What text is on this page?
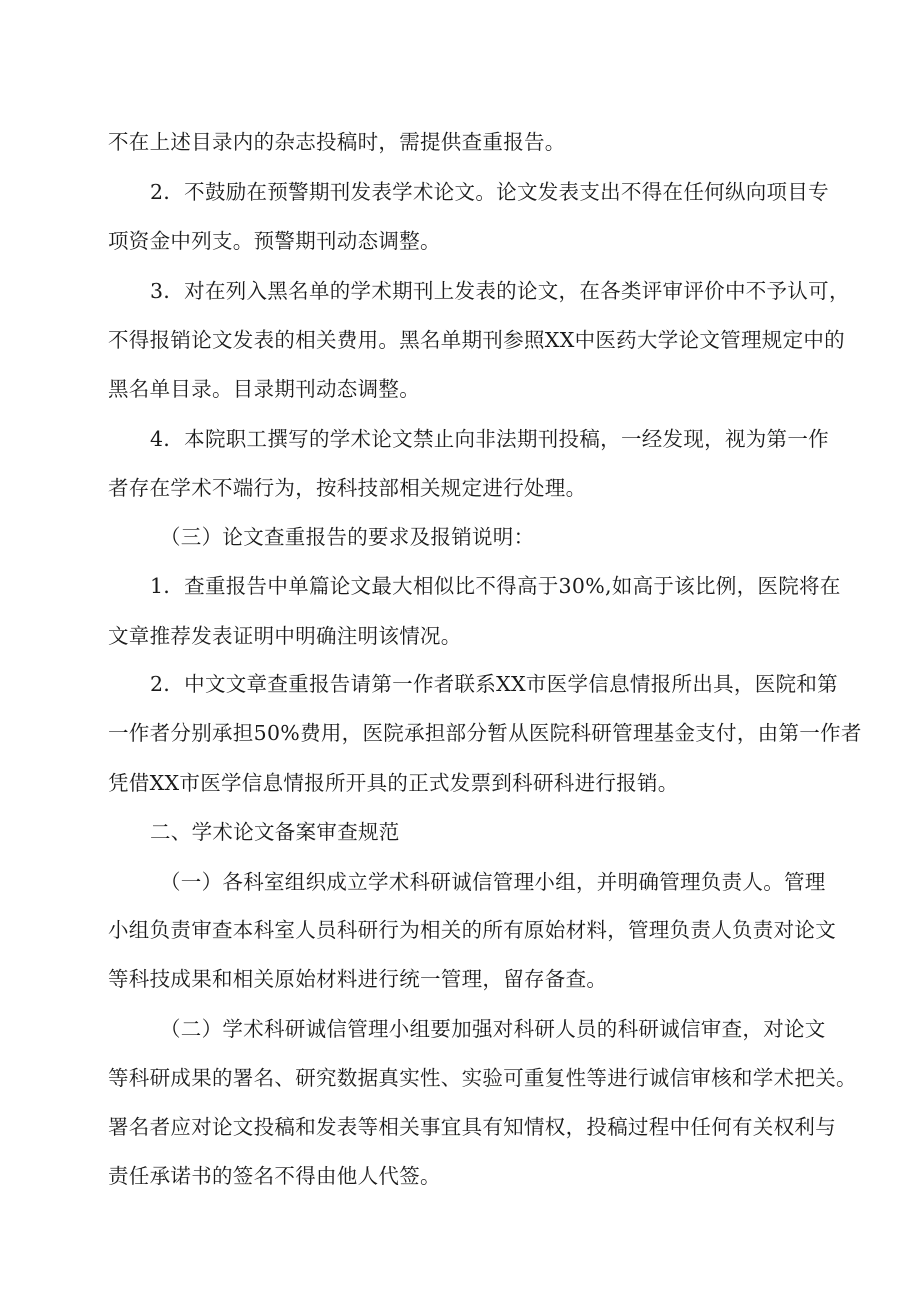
不在上述目录内的杂志投稿时，需提供查重报告。
2．不鼓励在预警期刊发表学术论文。论文发表支出不得在任何纵向项目专
项资金中列支。预警期刊动态调整。
3．对在列入黑名单的学术期刊上发表的论文，在各类评审评价中不予认可，
不得报销论文发表的相关费用。黑名单期刊参照XX中医药大学论文管理规定中的
黑名单目录。目录期刊动态调整。
4．本院职工撰写的学术论文禁止向非法期刊投稿，一经发现，视为第一作
者存在学术不端行为，按科技部相关规定进行处理。
（三）论文查重报告的要求及报销说明：
1．查重报告中单篇论文最大相似比不得高于30%,如高于该比例，医院将在
文章推荐发表证明中明确注明该情况。
2．中文文章查重报告请第一作者联系XX市医学信息情报所出具，医院和第
一作者分别承担50%费用，医院承担部分暂从医院科研管理基金支付，由第一作者
凭借XX市医学信息情报所开具的正式发票到科研科进行报销。
二、学术论文备案审查规范
（一）各科室组织成立学术科研诚信管理小组，并明确管理负责人。管理
小组负责审查本科室人员科研行为相关的所有原始材料，管理负责人负责对论文
等科技成果和相关原始材料进行统一管理，留存备查。
（二）学术科研诚信管理小组要加强对科研人员的科研诚信审查，对论文
等科研成果的署名、研究数据真实性、实验可重复性等进行诚信审核和学术把关。
署名者应对论文投稿和发表等相关事宜具有知情权，投稿过程中任何有关权利与
责任承诺书的签名不得由他人代签。
